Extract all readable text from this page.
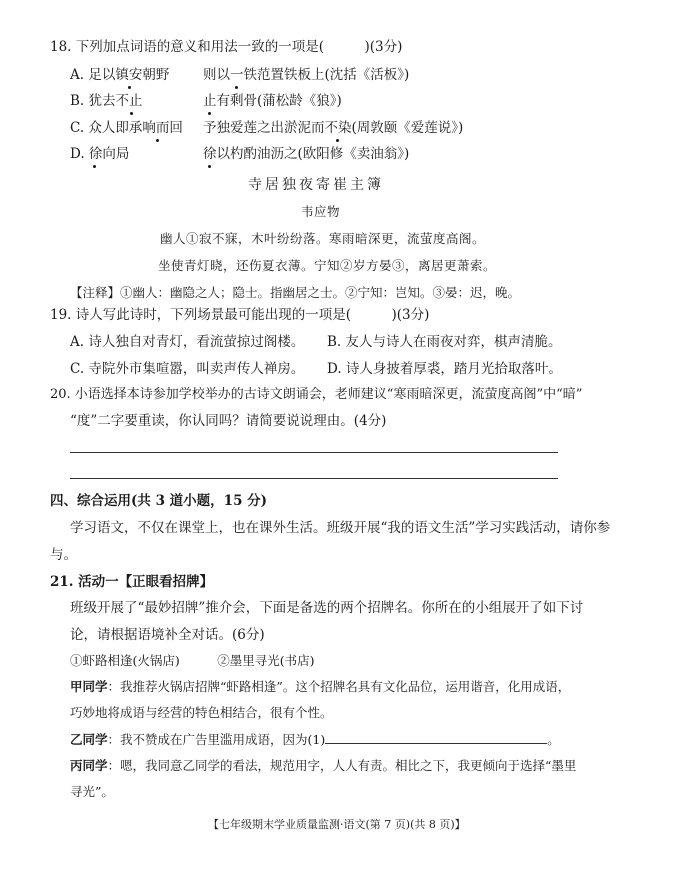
18. 下列加点词语的意义和用法一致的一项是(　　　)(3分)
A. 足以镇安朝野 则以一铁范置铁板上(沈括《活板》)
B. 犹去不止	止有剩骨(蒲松龄《狼》)
C. 众人即承响而回 予独爱莲之出淤泥而不染(周敦颐《爱莲说》)
D. 徐向局	徐以杓酌油沥之(欧阳修《卖油翁》)
寺居独夜寄崔主簿
韦应物
幽人①寂不寐，木叶纷纷落。寒雨暗深更，流萤度高阁。
坐使青灯晓，还伤夏衣薄。宁知②岁方晏③，离居更萧索。
【注释】①幽人：幽隐之人；隐士。指幽居之士。②宁知：岂知。③晏：迟，晚。
19. 诗人写此诗时，下列场景最可能出现的一项是(　　　)(3分)
A. 诗人独自对青灯，看流萤掠过阁楼。 B. 友人与诗人在雨夜对弈，棋声清脆。
C. 寺院外市集喧嚣，叫卖声传人禅房。 D. 诗人身披着厚裘，踏月光拾取落叶。
20. 小语选择本诗参加学校举办的古诗文朗诵会，老师建议“寒雨暗深更，流萤度高阁”中“暗”
“度”二字要重读，你认同吗？请简要说说理由。(4分)
四、综合运用(共 3 道小题，15 分)
学习语文，不仅在课堂上，也在课外生活。班级开展“我的语文生活”学习实践活动，请你参
与。
21. 活动一【正眼看招牌】
班级开展了“最妙招牌”推介会，下面是备选的两个招牌名。你所在的小组展开了如下讨
论，请根据语境补全对话。(6分)
①虾路相逢(火锅店)　　　②墨里寻光(书店)
甲同学：我推荐火锅店招牌“虾路相逢”。这个招牌名具有文化品位，运用谐音，化用成语，
巧妙地将成语与经营的特色相结合，很有个性。
乙同学：我不赞成在广告里滥用成语，因为(1)	。
丙同学：嗯，我同意乙同学的看法，规范用字，人人有责。相比之下，我更倾向于选择“墨里
寻光”。
【七年级期末学业质量监测·语文(第 7 页)(共 8 页)】
